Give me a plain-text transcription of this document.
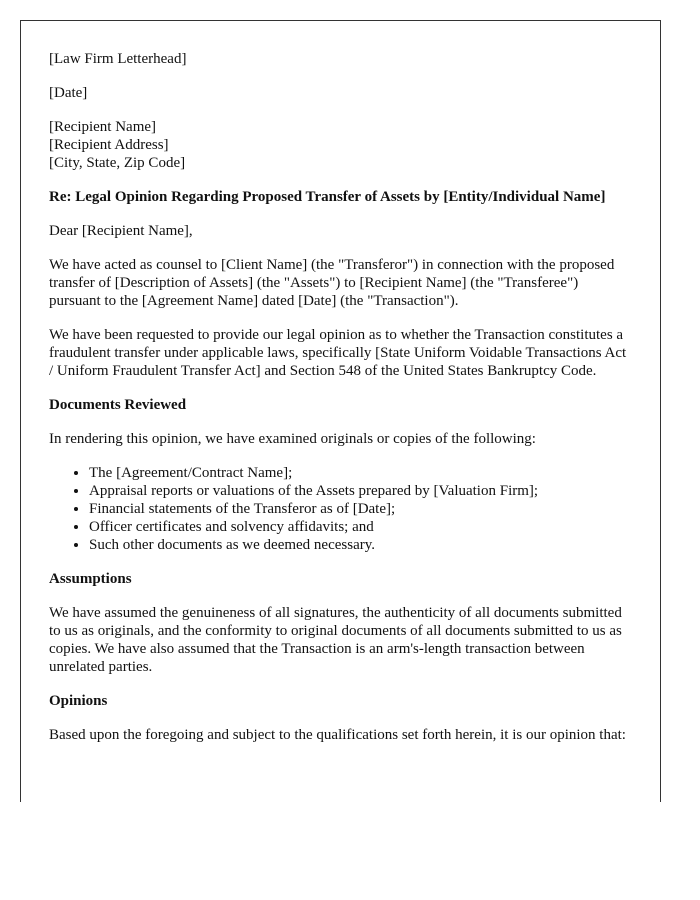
[Law Firm Letterhead]

[Date]

[Recipient Name]
[Recipient Address]
[City, State, Zip Code]

Re: Legal Opinion Regarding Proposed Transfer of Assets by [Entity/Individual Name]

Dear [Recipient Name],

We have acted as counsel to [Client Name] (the "Transferor") in connection with the proposed transfer of [Description of Assets] (the "Assets") to [Recipient Name] (the "Transferee") pursuant to the [Agreement Name] dated [Date] (the "Transaction").

We have been requested to provide our legal opinion as to whether the Transaction constitutes a fraudulent transfer under applicable laws, specifically [State Uniform Voidable Transactions Act / Uniform Fraudulent Transfer Act] and Section 548 of the United States Bankruptcy Code.

Documents Reviewed

In rendering this opinion, we have examined originals or copies of the following:

• The [Agreement/Contract Name];
• Appraisal reports or valuations of the Assets prepared by [Valuation Firm];
• Financial statements of the Transferor as of [Date];
• Officer certificates and solvency affidavits; and
• Such other documents as we deemed necessary.
Assumptions

We have assumed the genuineness of all signatures, the authenticity of all documents submitted to us as originals, and the conformity to original documents of all documents submitted to us as copies. We have also assumed that the Transaction is an arm's-length transaction between unrelated parties.

Opinions

Based upon the foregoing and subject to the qualifications set forth herein, it is our opinion that:
